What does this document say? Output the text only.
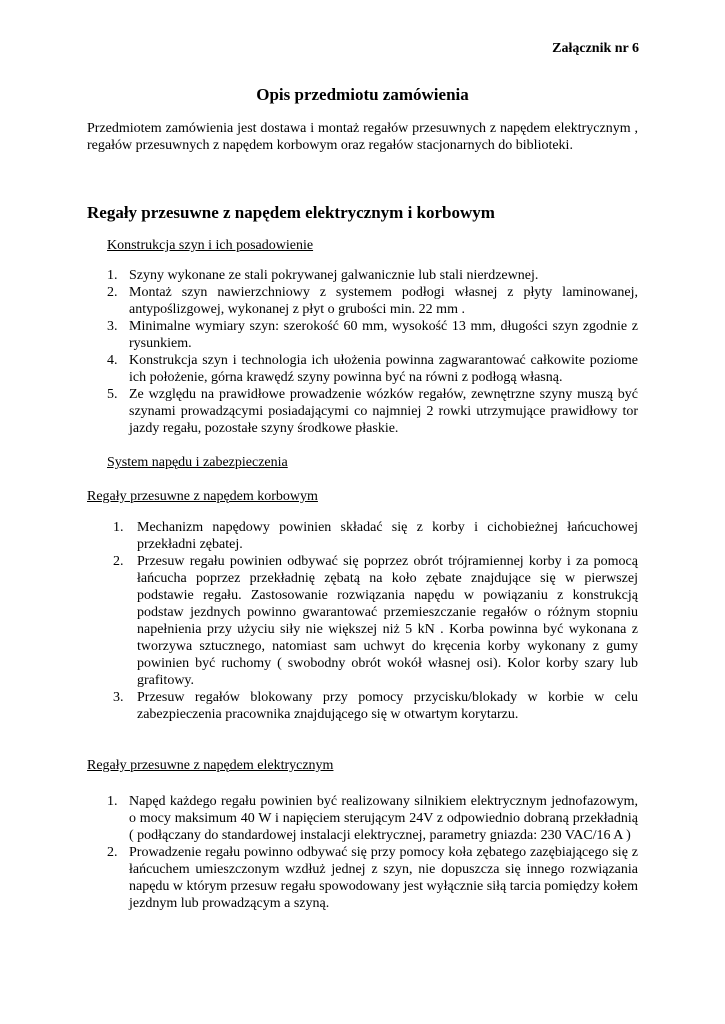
Załącznik nr 6
Opis przedmiotu zamówienia
Przedmiotem zamówienia jest dostawa i montaż regałów przesuwnych z napędem elektrycznym , regałów przesuwnych z napędem korbowym oraz regałów stacjonarnych do biblioteki.
Regały przesuwne z napędem elektrycznym i korbowym
Konstrukcja szyn i ich posadowienie
1. Szyny wykonane ze stali pokrywanej galwanicznie lub stali nierdzewnej.
2. Montaż szyn nawierzchniowy z systemem podłogi własnej z płyty laminowanej, antypoślizgowej, wykonanej z płyt o grubości min. 22 mm .
3. Minimalne wymiary szyn: szerokość 60 mm, wysokość 13 mm, długości szyn zgodnie z rysunkiem.
4. Konstrukcja szyn i technologia ich ułożenia powinna zagwarantować całkowite poziome ich położenie, górna krawędź szyny powinna być na równi z podłogą własną.
5. Ze względu na prawidłowe prowadzenie wózków regałów, zewnętrzne szyny muszą być szynami prowadzącymi posiadającymi co najmniej 2 rowki utrzymujące prawidłowy tor jazdy regału, pozostałe szyny środkowe płaskie.
System napędu i zabezpieczenia
Regały przesuwne z napędem korbowym
1. Mechanizm napędowy powinien składać się z korby i cichobieżnej łańcuchowej przekładni zębatej.
2. Przesuw regału powinien odbywać się poprzez obrót trójramiennej korby i za pomocą łańcucha poprzez przekładnię zębatą na koło zębate znajdujące się w pierwszej podstawie regału. Zastosowanie rozwiązania napędu w powiązaniu z konstrukcją podstaw jezdnych powinno gwarantować przemieszczanie regałów o różnym stopniu napełnienia przy użyciu siły nie większej niż 5 kN . Korba powinna być wykonana z tworzywa sztucznego, natomiast sam uchwyt do kręcenia korby wykonany z gumy powinien być ruchomy ( swobodny obrót wokół własnej osi). Kolor korby szary lub grafitowy.
3. Przesuw regałów blokowany przy pomocy przycisku/blokady w korbie w celu zabezpieczenia pracownika znajdującego się w otwartym korytarzu.
Regały przesuwne z napędem elektrycznym
1. Napęd każdego regału powinien być realizowany silnikiem elektrycznym jednofazowym, o mocy maksimum 40 W i napięciem sterującym 24V z odpowiednio dobraną przekładnią ( podłączany do standardowej instalacji elektrycznej, parametry gniazda: 230 VAC/16 A )
2. Prowadzenie regału powinno odbywać się przy pomocy koła zębatego zazębiającego się z łańcuchem umieszczonym wzdłuż jednej z szyn, nie dopuszcza się innego rozwiązania napędu w którym przesuw regału spowodowany jest wyłącznie siłą tarcia pomiędzy kołem jezdnym lub prowadzącym a szyną.
